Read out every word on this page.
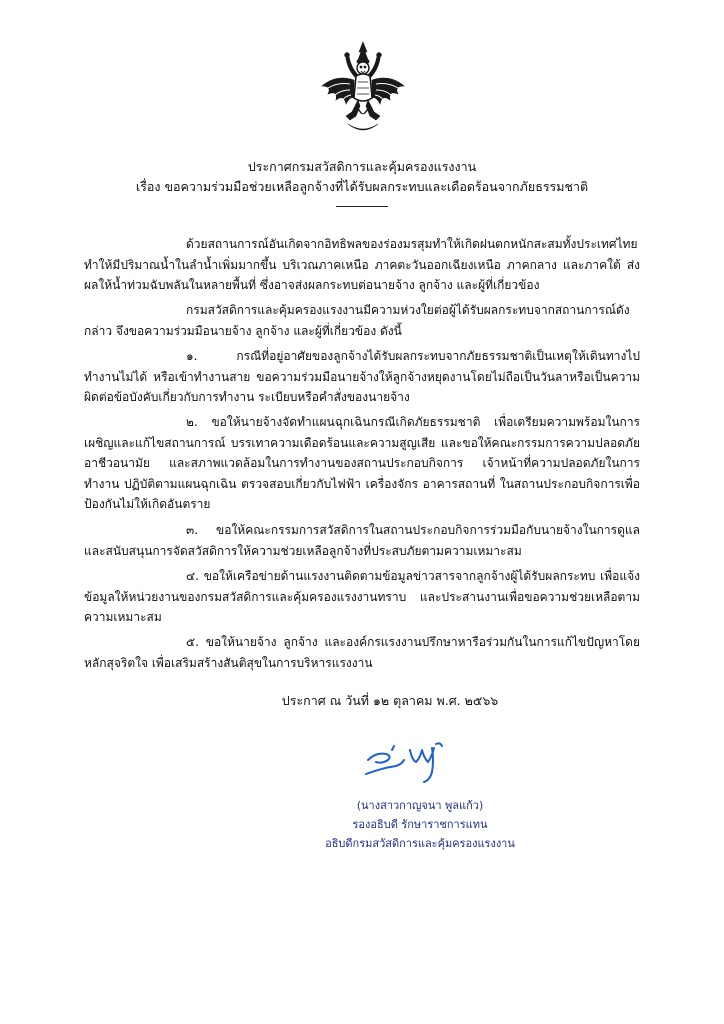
ประกาศกรมสวัสดิการและคุ้มครองแรงงาน
เรื่อง ขอความร่วมมือช่วยเหลือลูกจ้างที่ได้รับผลกระทบและเดือดร้อนจากภัยธรรมชาติ

ด้วยสถานการณ์อันเกิดจากอิทธิพลของร่องมรสุมทำให้เกิดฝนตกหนักสะสมทั้งประเทศไทย ทำให้มีปริมาณน้ำในลำน้ำเพิ่มมากขึ้น บริเวณภาคเหนือ ภาคตะวันออกเฉียงเหนือ ภาคกลาง และภาคใต้ ส่งผลให้น้ำท่วมฉับพลันในหลายพื้นที่ ซึ่งอาจส่งผลกระทบต่อนายจ้าง ลูกจ้าง และผู้ที่เกี่ยวข้อง

กรมสวัสดิการและคุ้มครองแรงงานมีความห่วงใยต่อผู้ได้รับผลกระทบจากสถานการณ์ดังกล่าว จึงขอความร่วมมือนายจ้าง ลูกจ้าง และผู้ที่เกี่ยวข้อง ดังนี้

๑. กรณีที่อยู่อาศัยของลูกจ้างได้รับผลกระทบจากภัยธรรมชาติเป็นเหตุให้เดินทางไปทำงานไม่ได้ หรือเข้าทำงานสาย ขอความร่วมมือนายจ้างให้ลูกจ้างหยุดงานโดยไม่ถือเป็นวันลาหรือเป็นความผิดต่อข้อบังคับเกี่ยวกับการทำงาน ระเบียบหรือคำสั่งของนายจ้าง

๒. ขอให้นายจ้างจัดทำแผนฉุกเฉินกรณีเกิดภัยธรรมชาติ เพื่อเตรียมความพร้อมในการเผชิญและแก้ไขสถานการณ์ บรรเทาความเดือดร้อนและความสูญเสีย และขอให้คณะกรรมการความปลอดภัย อาชีวอนามัย และสภาพแวดล้อมในการทำงานของสถานประกอบกิจการ เจ้าหน้าที่ความปลอดภัยในการทำงาน ปฏิบัติตามแผนฉุกเฉิน ตรวจสอบเกี่ยวกับไฟฟ้า เครื่องจักร อาคารสถานที่ ในสถานประกอบกิจการเพื่อป้องกันไม่ให้เกิดอันตราย

๓. ขอให้คณะกรรมการสวัสดิการในสถานประกอบกิจการร่วมมือกับนายจ้างในการดูแลและสนับสนุนการจัดสวัสดิการให้ความช่วยเหลือลูกจ้างที่ประสบภัยตามความเหมาะสม

๔. ขอให้เครือข่ายด้านแรงงานติดตามข้อมูลข่าวสารจากลูกจ้างผู้ได้รับผลกระทบ เพื่อแจ้งข้อมูลให้หน่วยงานของกรมสวัสดิการและคุ้มครองแรงงานทราบ และประสานงานเพื่อขอความช่วยเหลือตามความเหมาะสม

๕. ขอให้นายจ้าง ลูกจ้าง และองค์กรแรงงานปรึกษาหารือร่วมกันในการแก้ไขปัญหาโดยหลักสุจริตใจ เพื่อเสริมสร้างสันติสุขในการบริหารแรงงาน

ประกาศ ณ วันที่ ๑๒ ตุลาคม พ.ศ. ๒๕๖๖
(นางสาวกาญจนา พูลแก้ว)
รองอธิบดี รักษาราชการแทน
อธิบดีกรมสวัสดิการและคุ้มครองแรงงาน
